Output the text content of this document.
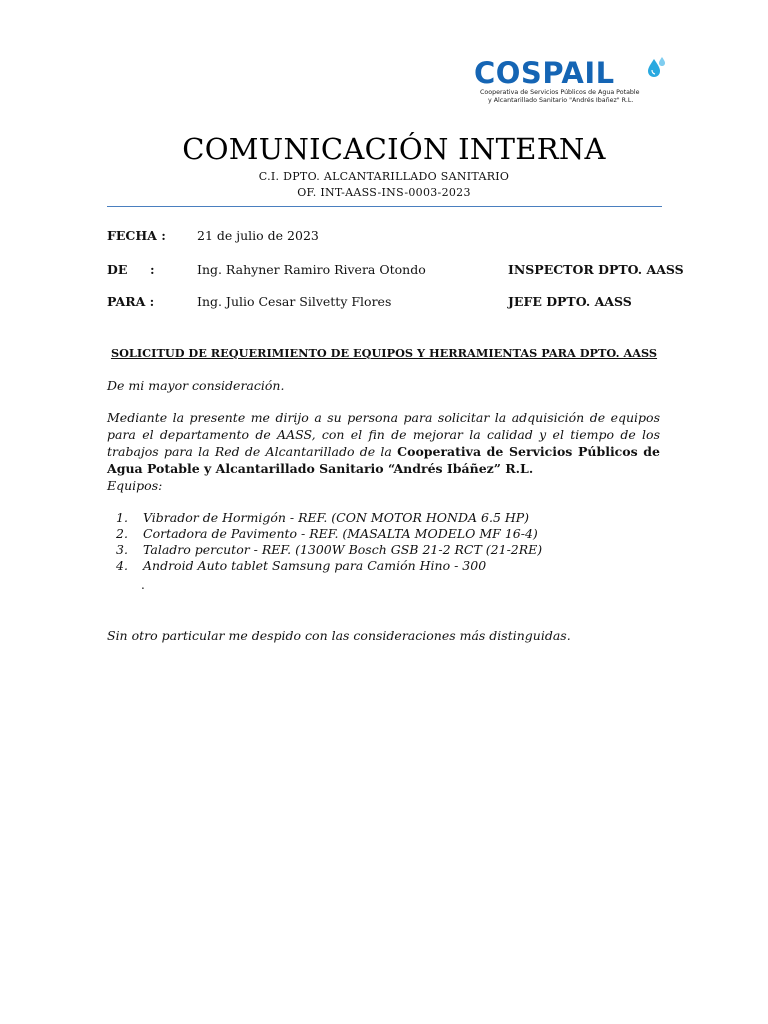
COSPAIL
Cooperativa de Servicios Públicos de Agua Potable
y Alcantarillado Sanitario "Andrés Ibañez" R.L.
COMUNICACIÓN INTERNA
C.I. DPTO. ALCANTARILLADO SANITARIO
OF. INT-AASS-INS-0003-2023
FECHA : 21 de julio de 2023
DE :	Ing. Rahyner Ramiro Rivera Otondo	INSPECTOR DPTO. AASS
PARA :	Ing. Julio Cesar Silvetty Flores	JEFE DPTO. AASS
SOLICITUD DE REQUERIMIENTO DE EQUIPOS Y HERRAMIENTAS PARA DPTO. AASS
De mi mayor consideración.
Mediante la presente me dirijo a su persona para solicitar la adquisición de equipos para el departamento de AASS, con el fin de mejorar la calidad y el tiempo de los trabajos para la Red de Alcantarillado de la Cooperativa de Servicios Públicos de Agua Potable y Alcantarillado Sanitario “Andrés Ibáñez” R.L.
Equipos:
1.	Vibrador de Hormigón - REF. (CON MOTOR HONDA 6.5 HP)
2.	Cortadora de Pavimento - REF. (MASALTA MODELO MF 16-4)
3.	Taladro percutor - REF. (1300W Bosch GSB 21-2 RCT (21-2RE)
4.	Android Auto tablet Samsung para Camión Hino - 300
.
Sin otro particular me despido con las consideraciones más distinguidas.
